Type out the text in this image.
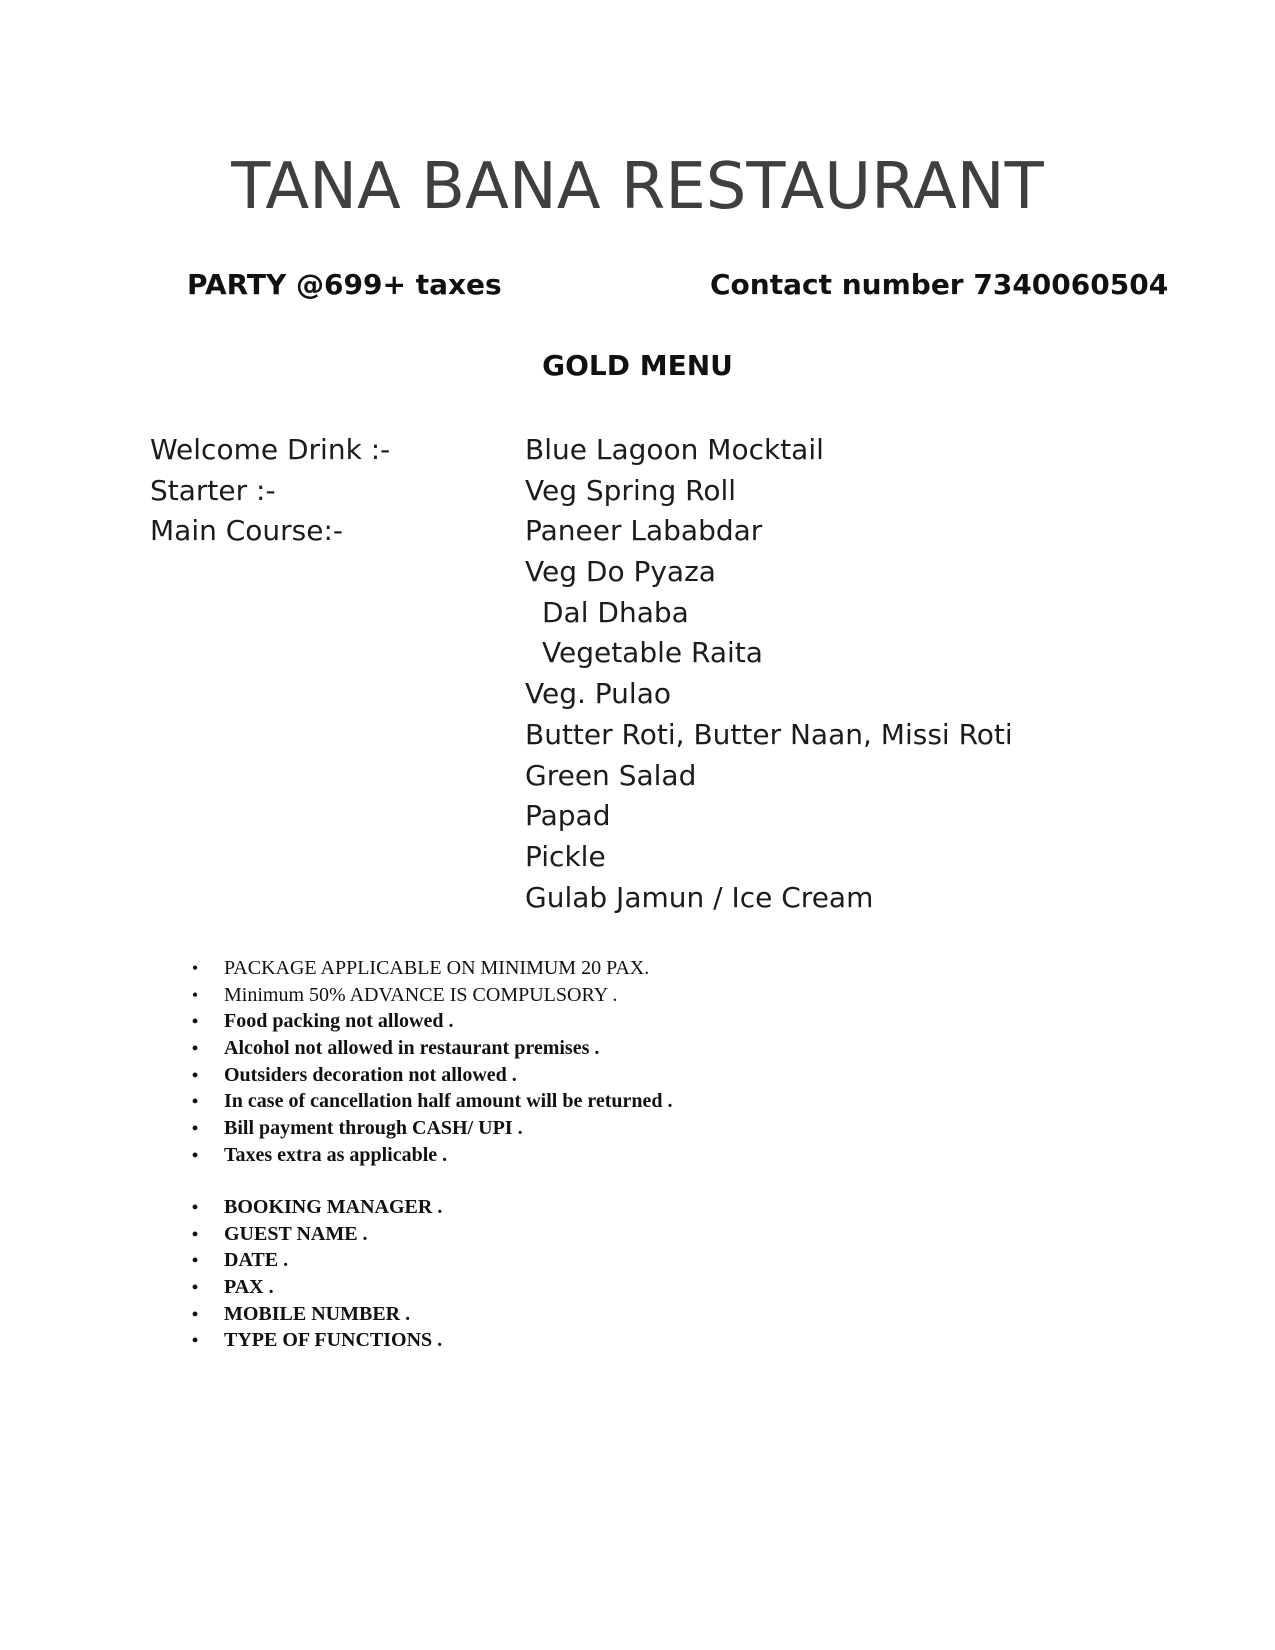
TANA BANA RESTAURANT
PARTY @699+ taxes	Contact number 7340060504
GOLD MENU
Welcome Drink :-
Starter :-
Main Course:-
Blue Lagoon Mocktail
Veg Spring Roll
Paneer Lababdar
Veg Do Pyaza
Dal Dhaba
Vegetable Raita
Veg. Pulao
Butter Roti, Butter Naan, Missi Roti
Green Salad
Papad
Pickle
Gulab Jamun / Ice Cream
• PACKAGE APPLICABLE ON MINIMUM 20 PAX.
• Minimum 50% ADVANCE IS COMPULSORY .
• Food packing not allowed .
• Alcohol not allowed in restaurant premises .
• Outsiders decoration not allowed .
• In case of cancellation half amount will be returned .
• Bill payment through CASH/ UPI .
• Taxes extra as applicable .
• BOOKING MANAGER .
• GUEST NAME .
• DATE .
• PAX .
• MOBILE NUMBER .
• TYPE OF FUNCTIONS .
